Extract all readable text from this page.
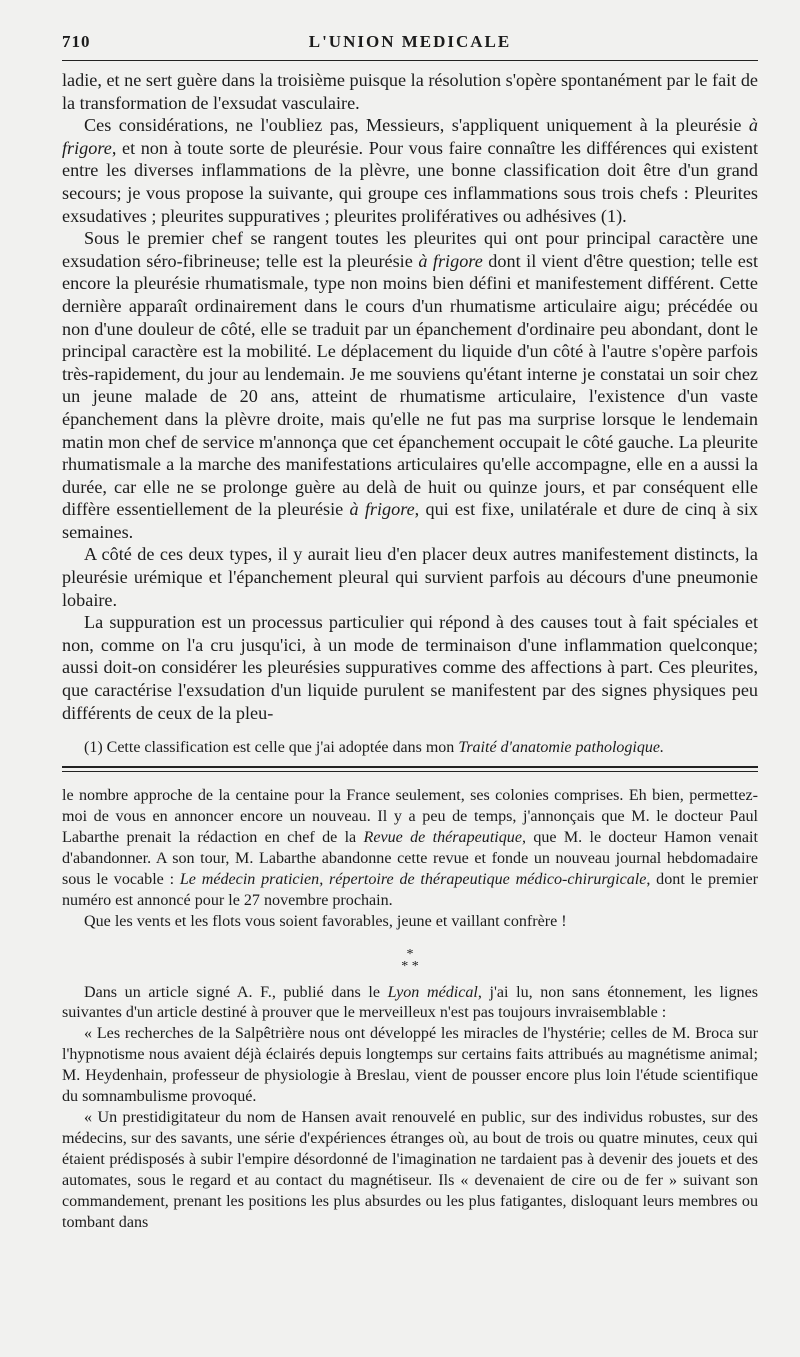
710	L'UNION MEDICALE

ladie, et ne sert guère dans la troisième puisque la résolution s'opère spontanément par le fait de la transformation de l'exsudat vasculaire.

Ces considérations, ne l'oubliez pas, Messieurs, s'appliquent uniquement à la pleurésie à frigore, et non à toute sorte de pleurésie. Pour vous faire connaître les différences qui existent entre les diverses inflammations de la plèvre, une bonne classification doit être d'un grand secours; je vous propose la suivante, qui groupe ces inflammations sous trois chefs : Pleurites exsudatives ; pleurites suppuratives ; pleurites prolifératives ou adhésives (1).

Sous le premier chef se rangent toutes les pleurites qui ont pour principal caractère une exsudation séro-fibrineuse; telle est la pleurésie à frigore dont il vient d'être question; telle est encore la pleurésie rhumatismale, type non moins bien défini et manifestement différent. Cette dernière apparaît ordinairement dans le cours d'un rhumatisme articulaire aigu; précédée ou non d'une douleur de côté, elle se traduit par un épanchement d'ordinaire peu abondant, dont le principal caractère est la mobilité. Le déplacement du liquide d'un côté à l'autre s'opère parfois très-rapidement, du jour au lendemain. Je me souviens qu'étant interne je constatai un soir chez un jeune malade de 20 ans, atteint de rhumatisme articulaire, l'existence d'un vaste épanchement dans la plèvre droite, mais qu'elle ne fut pas ma surprise lorsque le lendemain matin mon chef de service m'annonça que cet épanchement occupait le côté gauche. La pleurite rhumatismale a la marche des manifestations articulaires qu'elle accompagne, elle en a aussi la durée, car elle ne se prolonge guère au delà de huit ou quinze jours, et par conséquent elle diffère essentiellement de la pleurésie à frigore, qui est fixe, unilatérale et dure de cinq à six semaines.

A côté de ces deux types, il y aurait lieu d'en placer deux autres manifestement distincts, la pleurésie urémique et l'épanchement pleural qui survient parfois au décours d'une pneumonie lobaire.

La suppuration est un processus particulier qui répond à des causes tout à fait spéciales et non, comme on l'a cru jusqu'ici, à un mode de terminaison d'une inflammation quelconque; aussi doit-on considérer les pleurésies suppuratives comme des affections à part. Ces pleurites, que caractérise l'exsudation d'un liquide purulent se manifestent par des signes physiques peu différents de ceux de la pleu-

(1) Cette classification est celle que j'ai adoptée dans mon Traité d'anatomie pathologique.

le nombre approche de la centaine pour la France seulement, ses colonies comprises. Eh bien, permettez-moi de vous en annoncer encore un nouveau. Il y a peu de temps, j'annonçais que M. le docteur Paul Labarthe prenait la rédaction en chef de la Revue de thérapeutique, que M. le docteur Hamon venait d'abandonner. A son tour, M. Labarthe abandonne cette revue et fonde un nouveau journal hebdomadaire sous le vocable : Le médecin praticien, répertoire de thérapeutique médico-chirurgicale, dont le premier numéro est annoncé pour le 27 novembre prochain.

Que les vents et les flots vous soient favorables, jeune et vaillant confrère !

*
* *

Dans un article signé A. F., publié dans le Lyon médical, j'ai lu, non sans étonnement, les lignes suivantes d'un article destiné à prouver que le merveilleux n'est pas toujours invraisemblable :

« Les recherches de la Salpêtrière nous ont développé les miracles de l'hystérie; celles de M. Broca sur l'hypnotisme nous avaient déjà éclairés depuis longtemps sur certains faits attribués au magnétisme animal; M. Heydenhain, professeur de physiologie à Breslau, vient de pousser encore plus loin l'étude scientifique du somnambulisme provoqué.

« Un prestidigitateur du nom de Hansen avait renouvelé en public, sur des individus robustes, sur des médecins, sur des savants, une série d'expériences étranges où, au bout de trois ou quatre minutes, ceux qui étaient prédisposés à subir l'empire désordonné de l'imagination ne tardaient pas à devenir des jouets et des automates, sous le regard et au contact du magnétiseur. Ils « devenaient de cire ou de fer » suivant son commandement, prenant les positions les plus absurdes ou les plus fatigantes, disloquant leurs membres ou tombant dans
